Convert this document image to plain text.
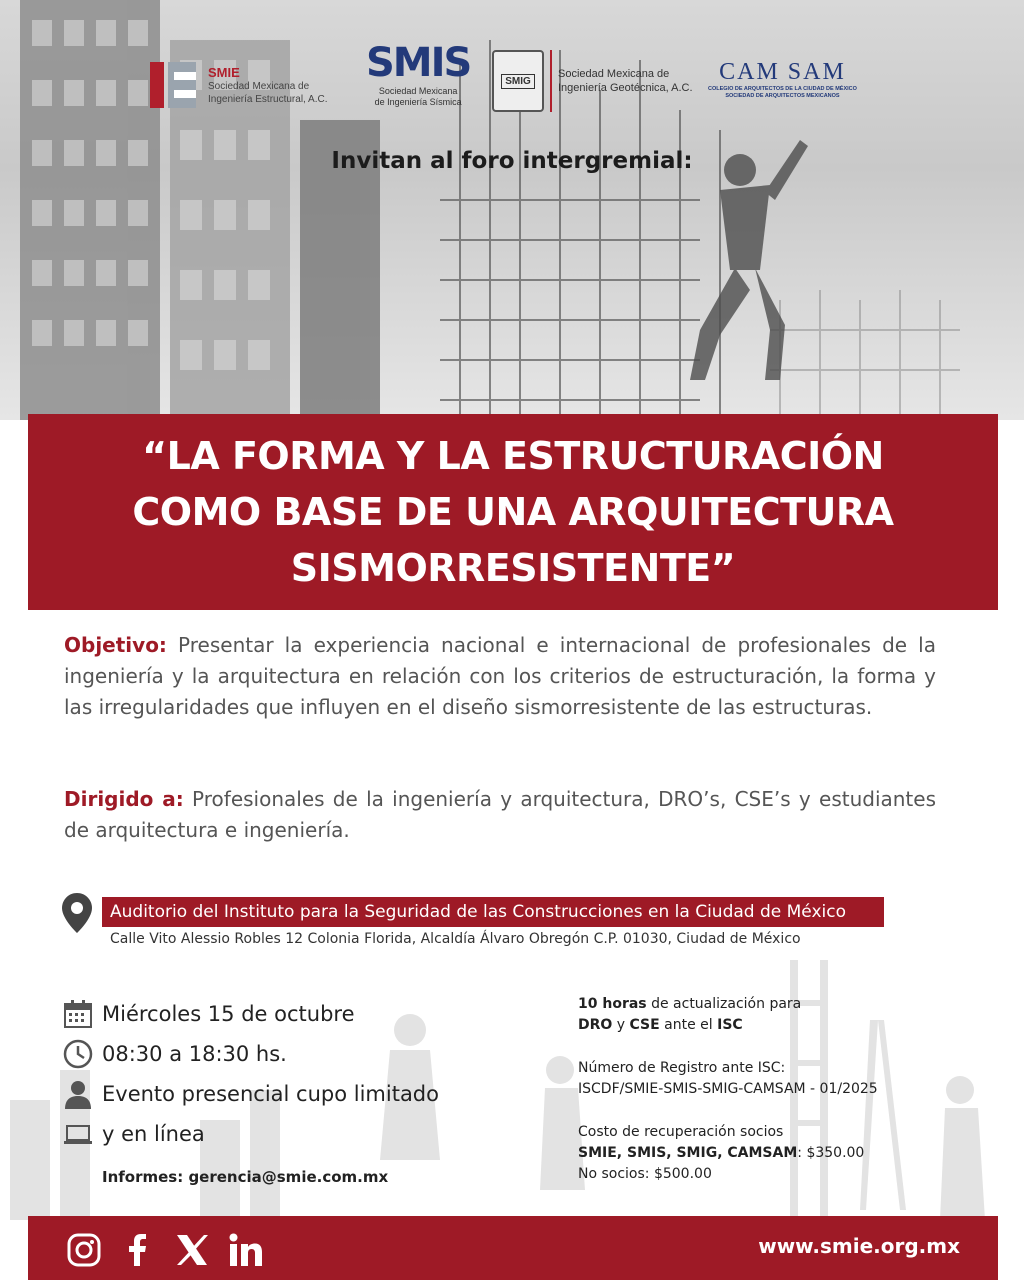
SMIE
Sociedad Mexicana de
Ingeniería Estructural, A.C.
SMIS
Sociedad Mexicana
de Ingeniería Sísmica
SMIG
Sociedad Mexicana de
Ingeniería Geotécnica, A.C.
CAM SAM
COLEGIO DE ARQUITECTOS DE LA CIUDAD DE MÉXICO
SOCIEDAD DE ARQUITECTOS MEXICANOS
Invitan al foro intergremial:
“LA FORMA Y LA ESTRUCTURACIÓN
COMO BASE DE UNA ARQUITECTURA
SISMORRESISTENTE”

Objetivo: Presentar la experiencia nacional e internacional de profesionales de la ingeniería y la arquitectura en relación con los criterios de estructuración, la forma y las irregularidades que influyen en el diseño sismorresistente de las estructuras.

Dirigido a: Profesionales de la ingeniería y arquitectura, DRO’s, CSE’s y estudiantes de arquitectura e ingeniería.

Auditorio del Instituto para la Seguridad de las Construcciones en la Ciudad de México
Calle Vito Alessio Robles 12 Colonia Florida, Alcaldía Álvaro Obregón C.P. 01030, Ciudad de México
Miércoles 15 de octubre
08:30 a 18:30 hs.
Evento presencial cupo limitado
y en línea
Informes: gerencia@smie.com.mx
10 horas de actualización para
DRO y CSE ante el ISC
Número de Registro ante ISC:
ISCDF/SMIE-SMIS-SMIG-CAMSAM - 01/2025
Costo de recuperación socios
SMIE, SMIS, SMIG, CAMSAM: $350.00
No socios: $500.00
www.smie.org.mx
